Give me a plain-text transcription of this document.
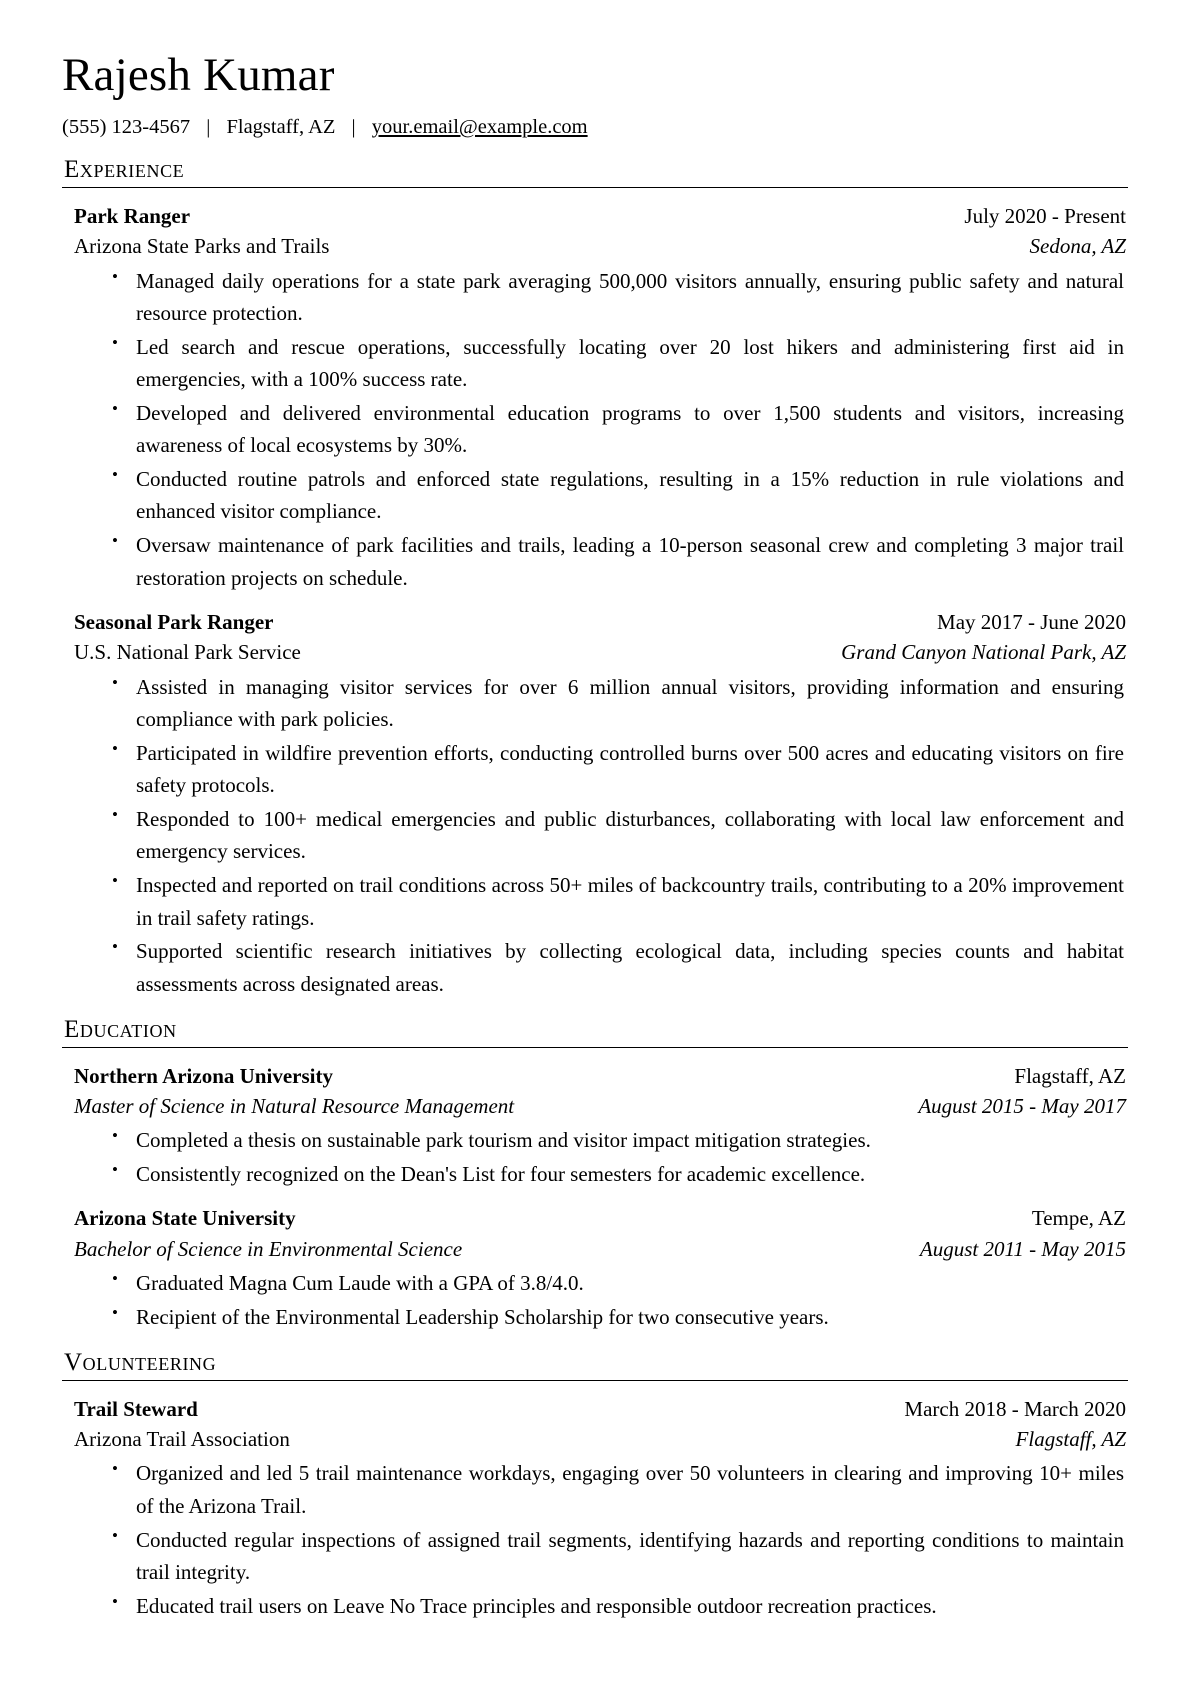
Rajesh Kumar
(555) 123-4567 | Flagstaff, AZ | your.email@example.com
Experience
Park Ranger	July 2020 - Present
Arizona State Parks and Trails	Sedona, AZ
• Managed daily operations for a state park averaging 500,000 visitors annually, ensuring public safety and natural resource protection.
• Led search and rescue operations, successfully locating over 20 lost hikers and administering first aid in emergencies, with a 100% success rate.
• Developed and delivered environmental education programs to over 1,500 students and visitors, increasing awareness of local ecosystems by 30%.
• Conducted routine patrols and enforced state regulations, resulting in a 15% reduction in rule violations and enhanced visitor compliance.
• Oversaw maintenance of park facilities and trails, leading a 10-person seasonal crew and completing 3 major trail restoration projects on schedule.
Seasonal Park Ranger	May 2017 - June 2020
U.S. National Park Service	Grand Canyon National Park, AZ
• Assisted in managing visitor services for over 6 million annual visitors, providing information and ensuring compliance with park policies.
• Participated in wildfire prevention efforts, conducting controlled burns over 500 acres and educating visitors on fire safety protocols.
• Responded to 100+ medical emergencies and public disturbances, collaborating with local law enforcement and emergency services.
• Inspected and reported on trail conditions across 50+ miles of backcountry trails, contributing to a 20% improvement in trail safety ratings.
• Supported scientific research initiatives by collecting ecological data, including species counts and habitat assessments across designated areas.
Education
Northern Arizona University	Flagstaff, AZ
Master of Science in Natural Resource Management	August 2015 - May 2017
• Completed a thesis on sustainable park tourism and visitor impact mitigation strategies.
• Consistently recognized on the Dean's List for four semesters for academic excellence.
Arizona State University	Tempe, AZ
Bachelor of Science in Environmental Science	August 2011 - May 2015
• Graduated Magna Cum Laude with a GPA of 3.8/4.0.
• Recipient of the Environmental Leadership Scholarship for two consecutive years.
Volunteering
Trail Steward	March 2018 - March 2020
Arizona Trail Association	Flagstaff, AZ
• Organized and led 5 trail maintenance workdays, engaging over 50 volunteers in clearing and improving 10+ miles of the Arizona Trail.
• Conducted regular inspections of assigned trail segments, identifying hazards and reporting conditions to maintain trail integrity.
• Educated trail users on Leave No Trace principles and responsible outdoor recreation practices.
